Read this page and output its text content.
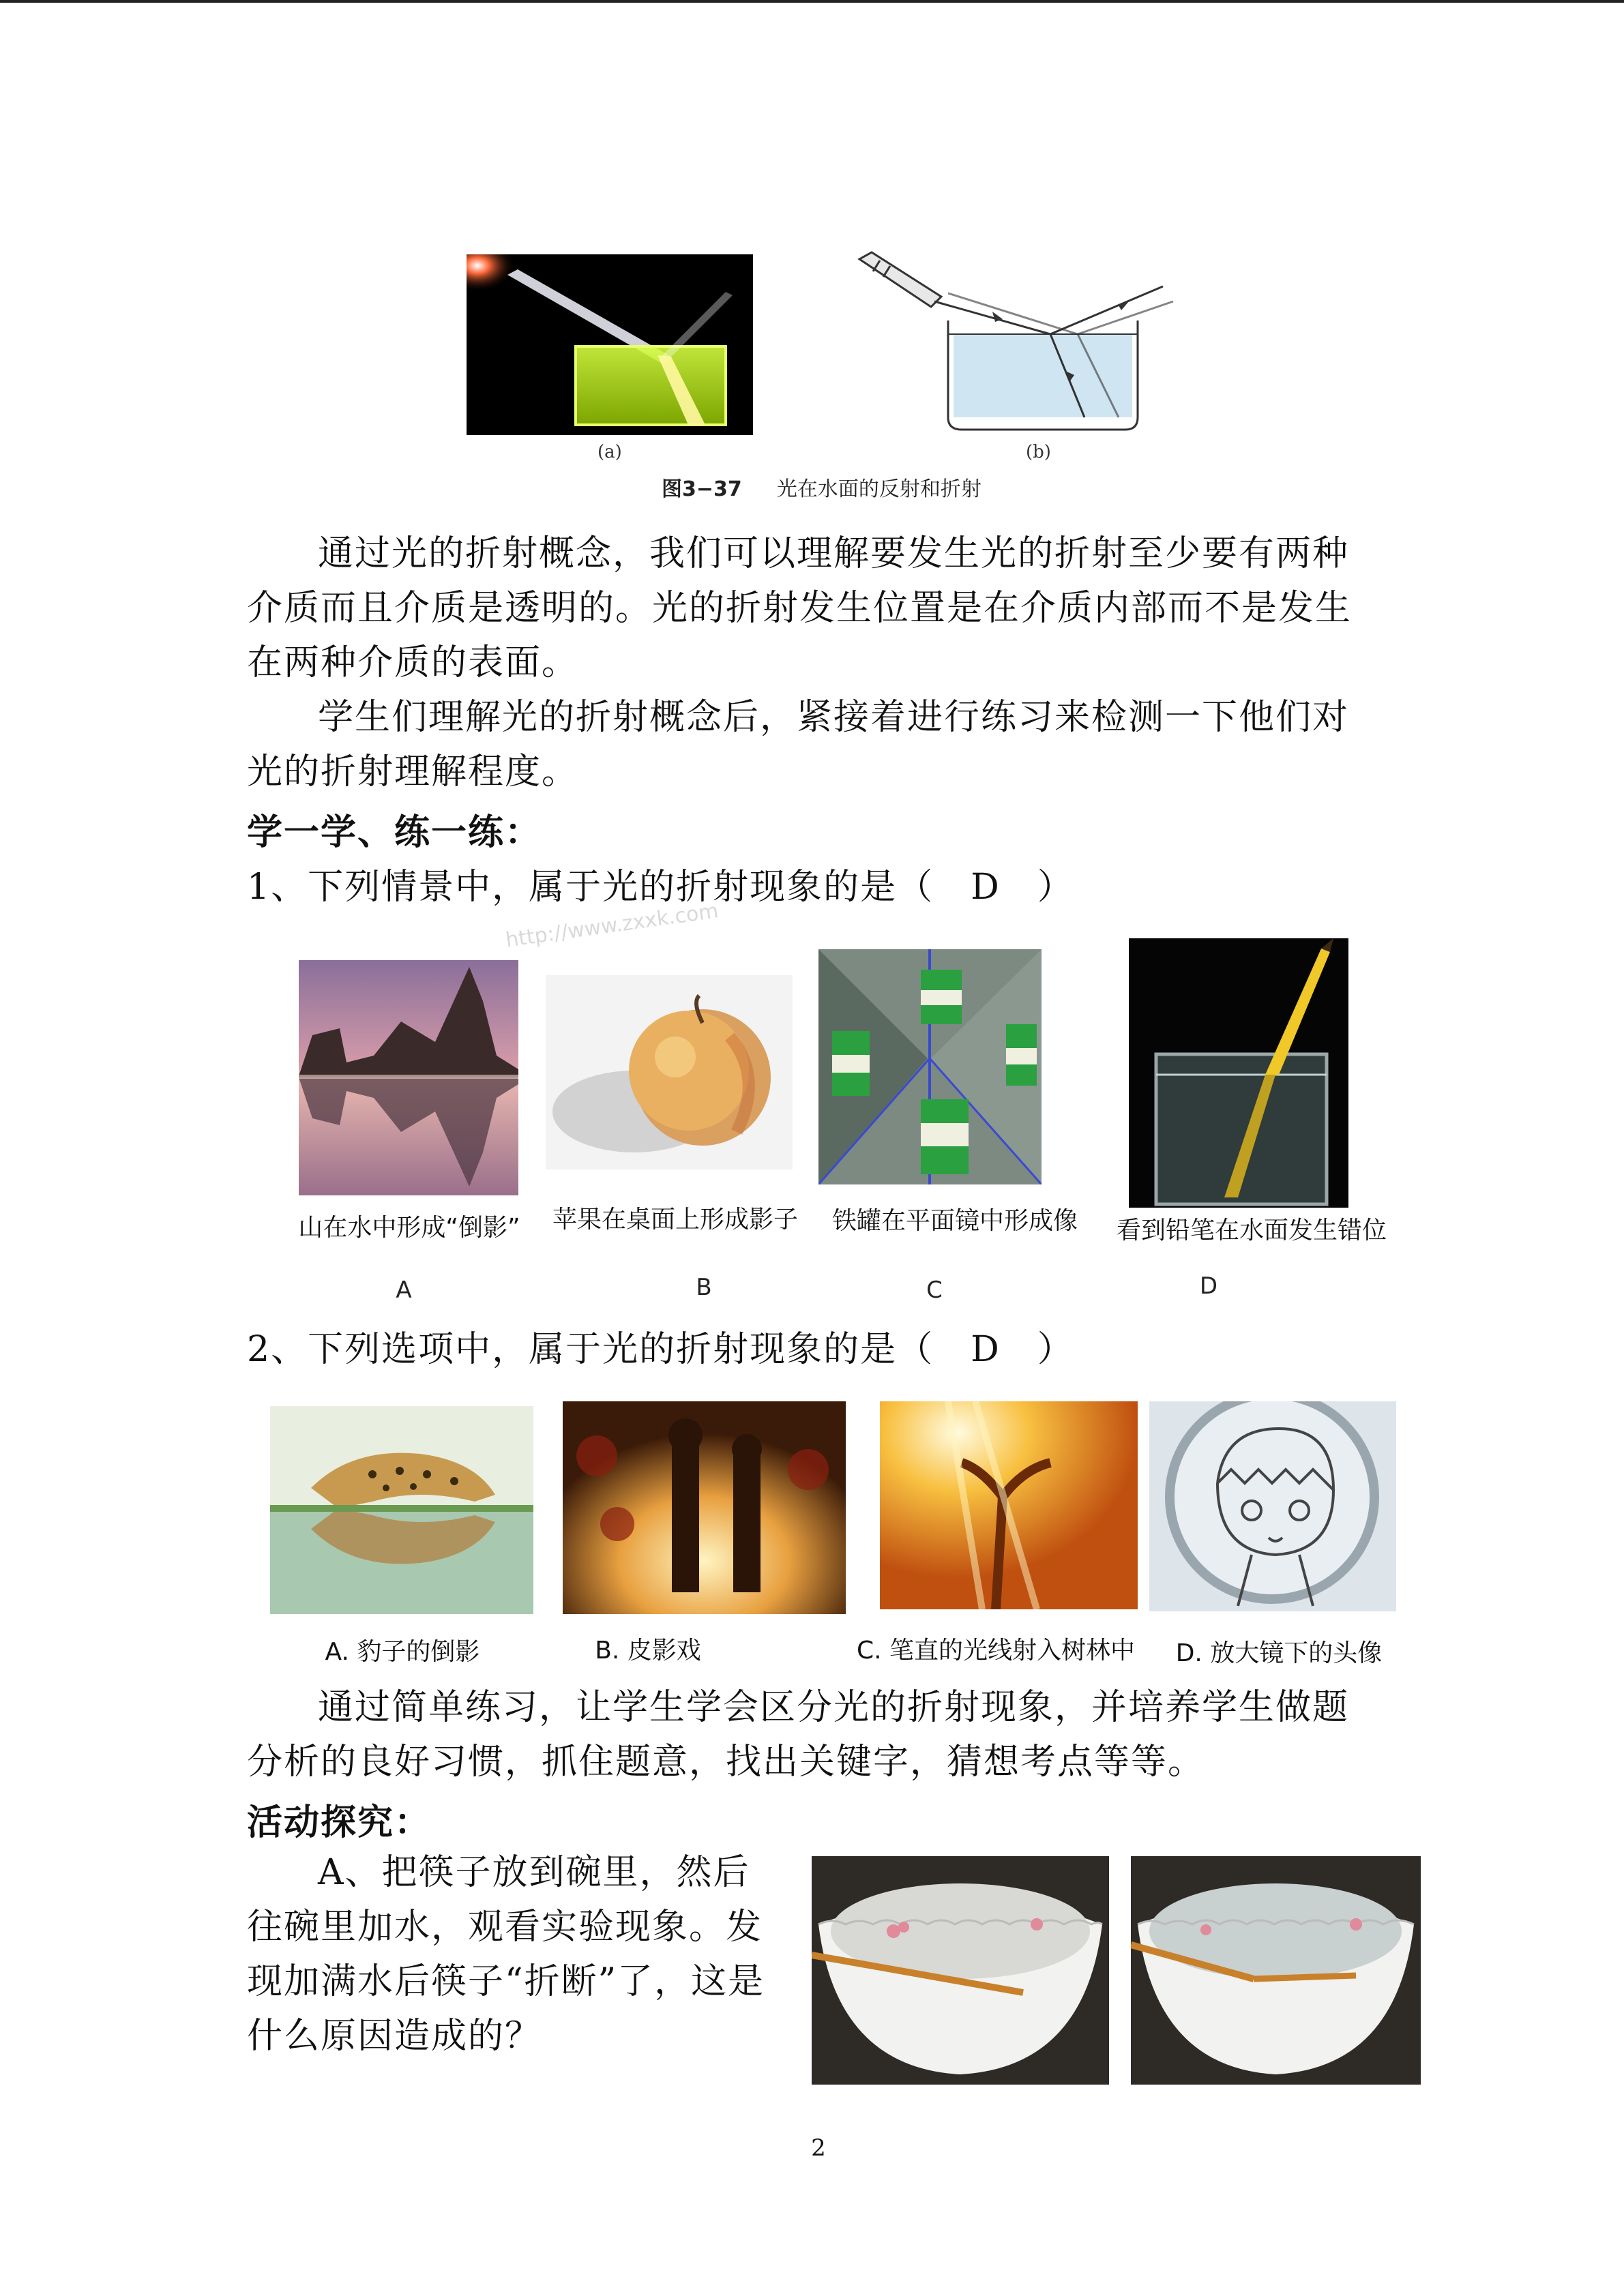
(a)	(b)
图3−37 光在水面的反射和折射
通过光的折射概念，我们可以理解要发生光的折射至少要有两种介质而且介质是透明的。光的折射发生位置是在介质内部而不是发生在两种介质的表面。
学生们理解光的折射概念后，紧接着进行练习来检测一下他们对光的折射理解程度。
学一学、练一练：
1、下列情景中，属于光的折射现象的是（　D　）
http://www.zxxk.com
山在水中形成“倒影”	苹果在桌面上形成影子 铁罐在平面镜中形成像 看到铅笔在水面发生错位
A	B	C	D
2、下列选项中，属于光的折射现象的是（　D　）
A. 豹子的倒影	B. 皮影戏	C. 笔直的光线射入树林中	D. 放大镜下的头像
通过简单练习，让学生学会区分光的折射现象，并培养学生做题分析的良好习惯，抓住题意，找出关键字，猜想考点等等。
活动探究：
A、把筷子放到碗里，然后往碗里加水，观看实验现象。发现加满水后筷子“折断”了，这是什么原因造成的？
2
